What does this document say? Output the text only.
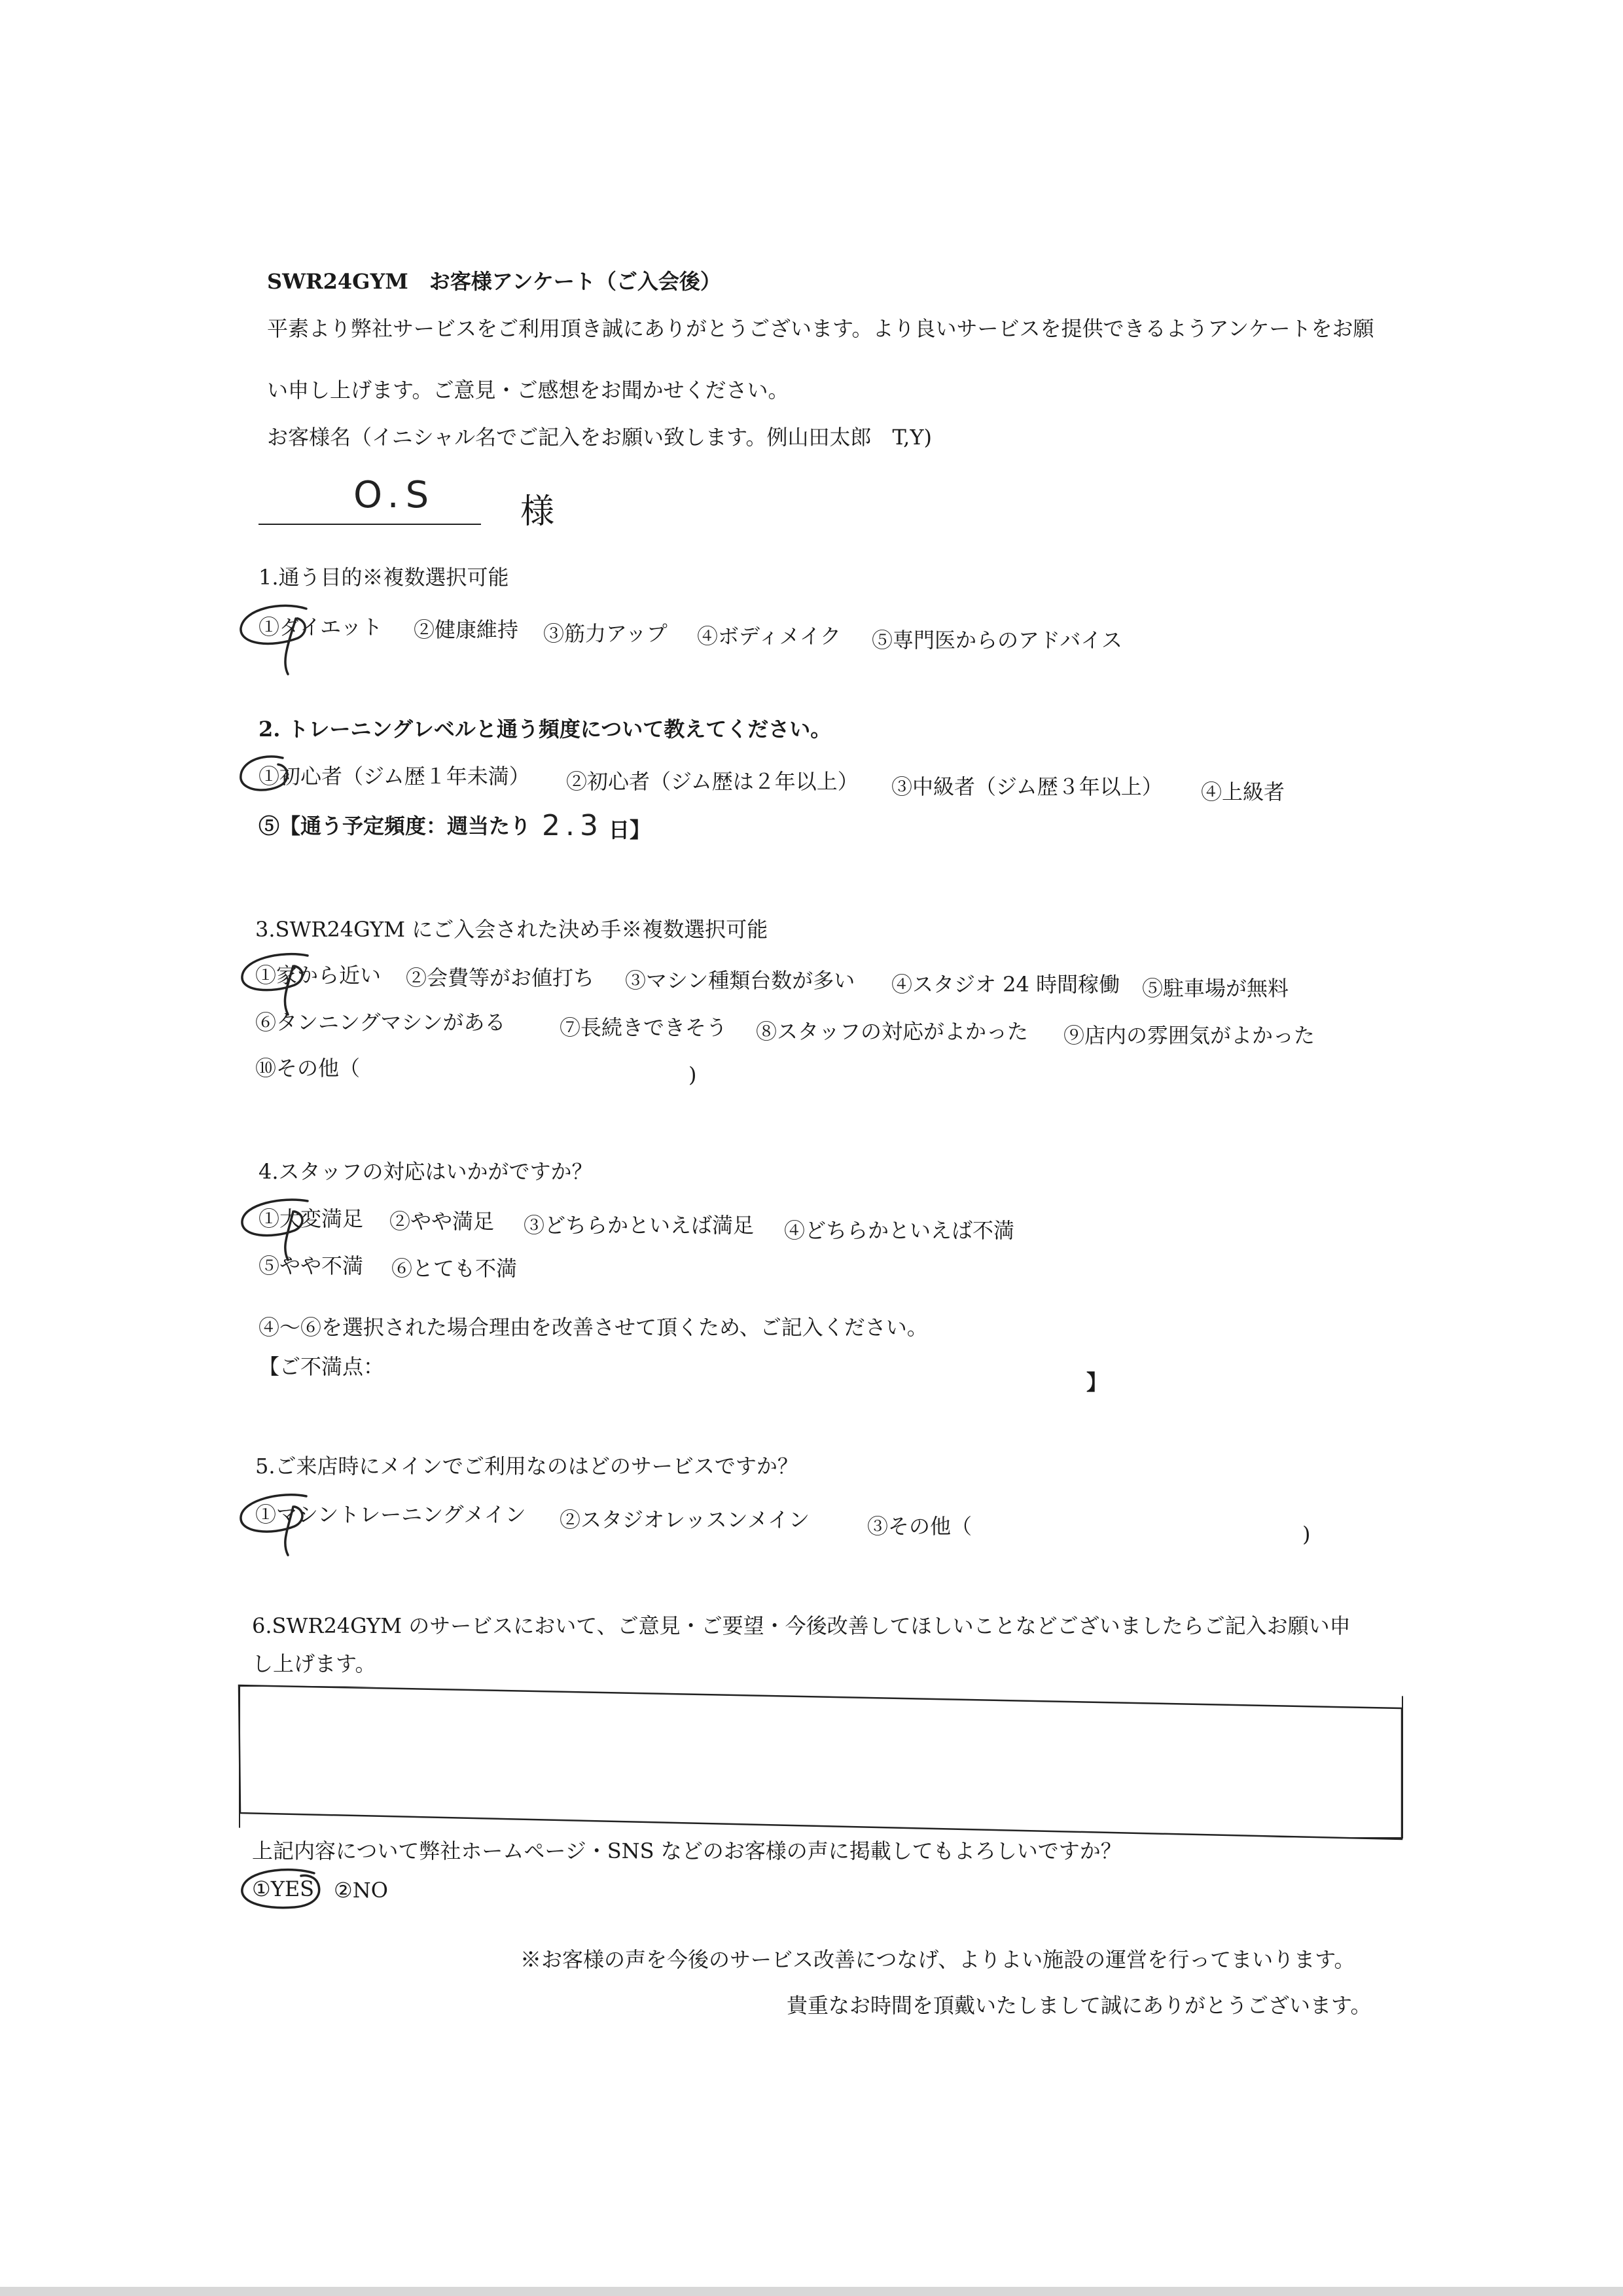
SWR24GYM　お客様アンケート（ご入会後）
平素より弊社サービスをご利用頂き誠にありがとうございます。より良いサービスを提供できるようアンケートをお願
い申し上げます。ご意見・ご感想をお聞かせください。
お客様名（イニシャル名でご記入をお願い致します。例山田太郎　T,Y)
O.S 様
1.通う目的※複数選択可能
①ダイエット ②健康維持 ③筋力アップ ④ボディメイク ⑤専門医からのアドバイス
2. トレーニングレベルと通う頻度について教えてください。
①初心者（ジム歴１年未満） ②初心者（ジム歴は２年以上） ③中級者（ジム歴３年以上） ④上級者
⑤【通う予定頻度：週当たり 2.3 日】
3.SWR24GYM にご入会された決め手※複数選択可能
①家から近い ②会費等がお値打ち ③マシン種類台数が多い ④スタジオ 24 時間稼働 ⑤駐車場が無料
⑥タンニングマシンがある	⑦長続きできそう ⑧スタッフの対応がよかった ⑨店内の雰囲気がよかった
⑩その他（	)
4.スタッフの対応はいかがですか？
①大変満足 ②やや満足 ③どちらかといえば満足 ④どちらかといえば不満
⑤やや不満 ⑥とても不満
④～⑥を選択された場合理由を改善させて頂くため、ご記入ください。
【ご不満点：
】
5.ご来店時にメインでご利用なのはどのサービスですか？
①マシントレーニングメイン ②スタジオレッスンメイン	③その他（	)
6.SWR24GYM のサービスにおいて、ご意見・ご要望・今後改善してほしいことなどございましたらご記入お願い申
し上げます。
上記内容について弊社ホームページ・SNS などのお客様の声に掲載してもよろしいですか？
①YES ②NO
※お客様の声を今後のサービス改善につなげ、よりよい施設の運営を行ってまいります。
貴重なお時間を頂戴いたしまして誠にありがとうございます。
